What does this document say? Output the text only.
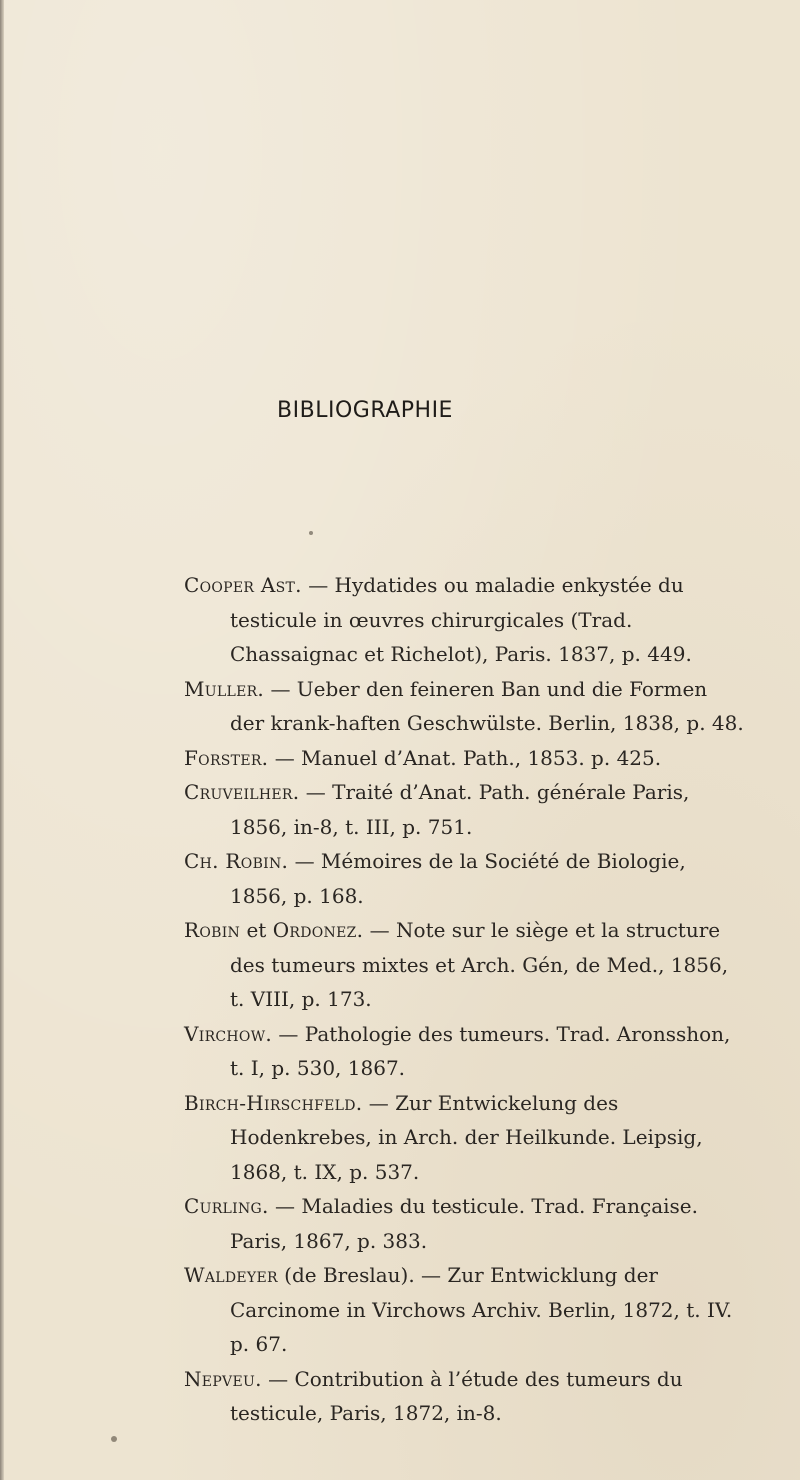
BIBLIOGRAPHIE
Cooper Ast. — Hydatides ou maladie enkystée du testicule in œuvres chirurgicales (Trad. Chassaignac et Richelot), Paris. 1837, p. 449.
Muller. — Ueber den feineren Ban und die Formen der krank-haften Geschwülste. Berlin, 1838, p. 48.
Forster. — Manuel d’Anat. Path., 1853. p. 425.
Cruveilher. — Traité d’Anat. Path. générale Paris, 1856, in-8, t. III, p. 751.
Ch. Robin. — Mémoires de la Société de Biologie, 1856, p. 168.
Robin et Ordonez. — Note sur le siège et la structure des tumeurs mixtes et Arch. Gén, de Med., 1856, t. VIII, p. 173.
Virchow. — Pathologie des tumeurs. Trad. Aronsshon, t. I, p. 530, 1867.
Birch-Hirschfeld. — Zur Entwickelung des Hodenkrebes, in Arch. der Heilkunde. Leipsig, 1868, t. IX, p. 537.
Curling. — Maladies du testicule. Trad. Française. Paris, 1867, p. 383.
Waldeyer (de Breslau). — Zur Entwicklung der Carcinome in Virchows Archiv. Berlin, 1872, t. IV. p. 67.
Nepveu. — Contribution à l’étude des tumeurs du testicule, Paris, 1872, in-8.
